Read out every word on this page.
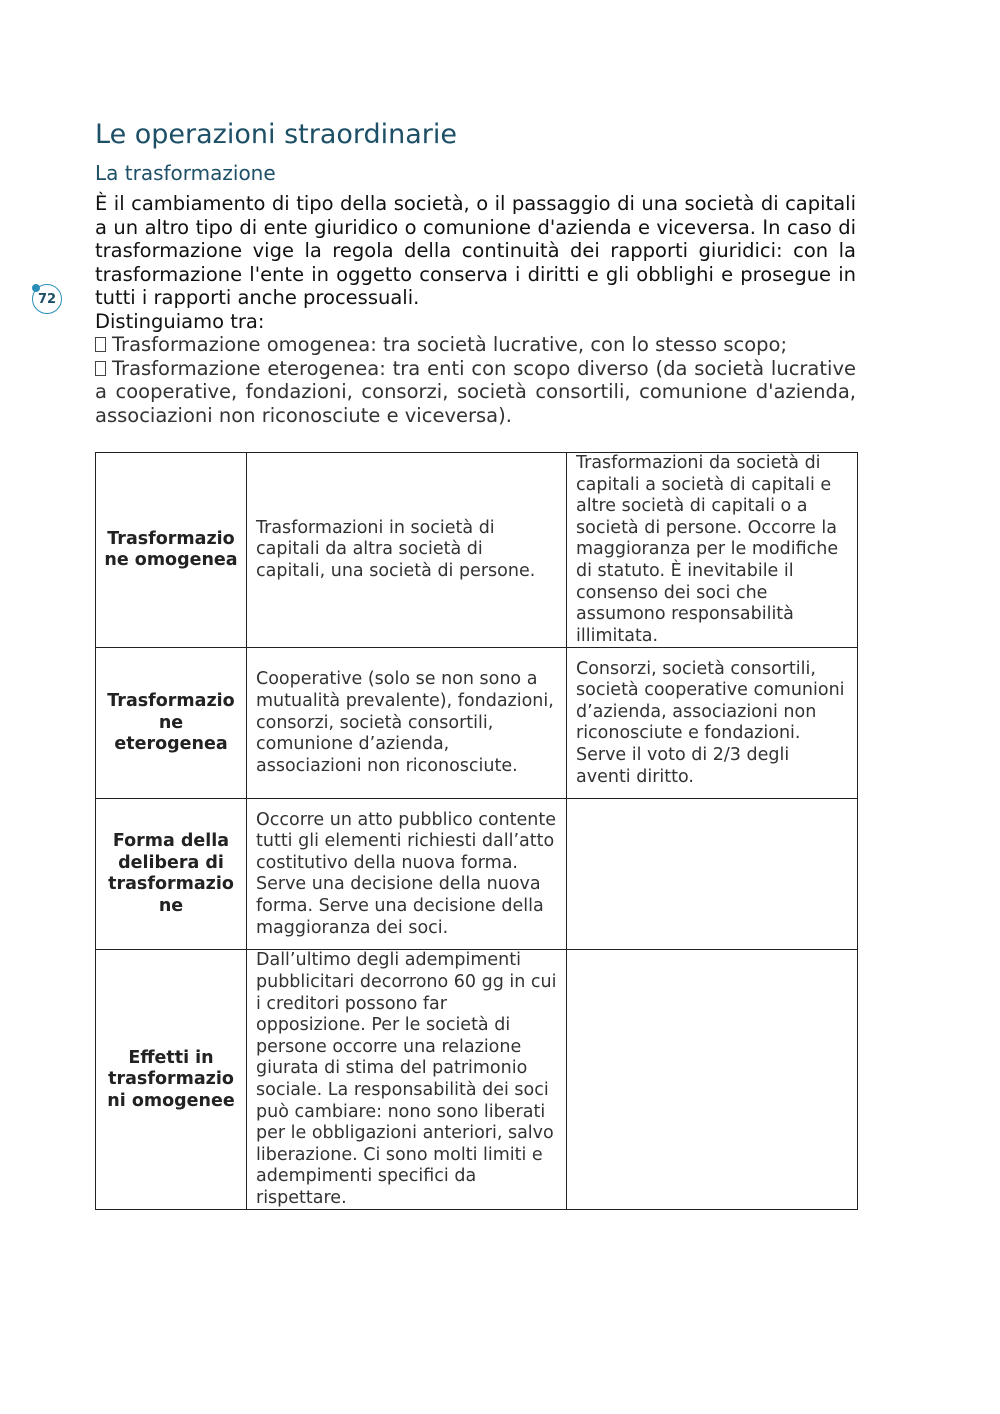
72
Le operazioni straordinarie
La trasformazione

È il cambiamento di tipo della società, o il passaggio di una società di capitali a un altro tipo di ente giuridico o comunione d'azienda e viceversa. In caso di trasformazione vige la regola della continuità dei rapporti giuridici: con la trasformazione l'ente in oggetto conserva i diritti e gli obblighi e prosegue in tutti i rapporti anche processuali.

Distinguiamo tra:

Trasformazione omogenea: tra società lucrative, con lo stesso scopo;

Trasformazione eterogenea: tra enti con scopo diverso (da società lucrative a cooperative, fondazioni, consorzi, società consortili, comunione d'azienda, associazioni non riconosciute e viceversa).

Trasformazione omogenea	Trasformazioni in società di capitali da altra società di capitali, una società di persone.	Trasformazioni da società di capitali a società di capitali e altre società di capitali o a società di persone. Occorre la maggioranza per le modifiche di statuto. È inevitabile il consenso dei soci che assumono responsabilità illimitata.
Trasformazione eterogenea	Cooperative (solo se non sono a mutualità prevalente), fondazioni, consorzi, società consortili, comunione d’azienda, associazioni non riconosciute.	Consorzi, società consortili, società cooperative comunioni d’azienda, associazioni non riconosciute e fondazioni. Serve il voto di 2/3 degli aventi diritto.
Forma della delibera di trasformazione	Occorre un atto pubblico contente tutti gli elementi richiesti dall’atto costitutivo della nuova forma. Serve una decisione della nuova forma. Serve una decisione della maggioranza dei soci.	
Effetti in trasformazioni omogenee	Dall’ultimo degli adempimenti pubblicitari decorrono 60 gg in cui i creditori possono far opposizione. Per le società di persone occorre una relazione giurata di stima del patrimonio sociale. La responsabilità dei soci può cambiare: nono sono liberati per le obbligazioni anteriori, salvo liberazione. Ci sono molti limiti e adempimenti specifici da rispettare.	
